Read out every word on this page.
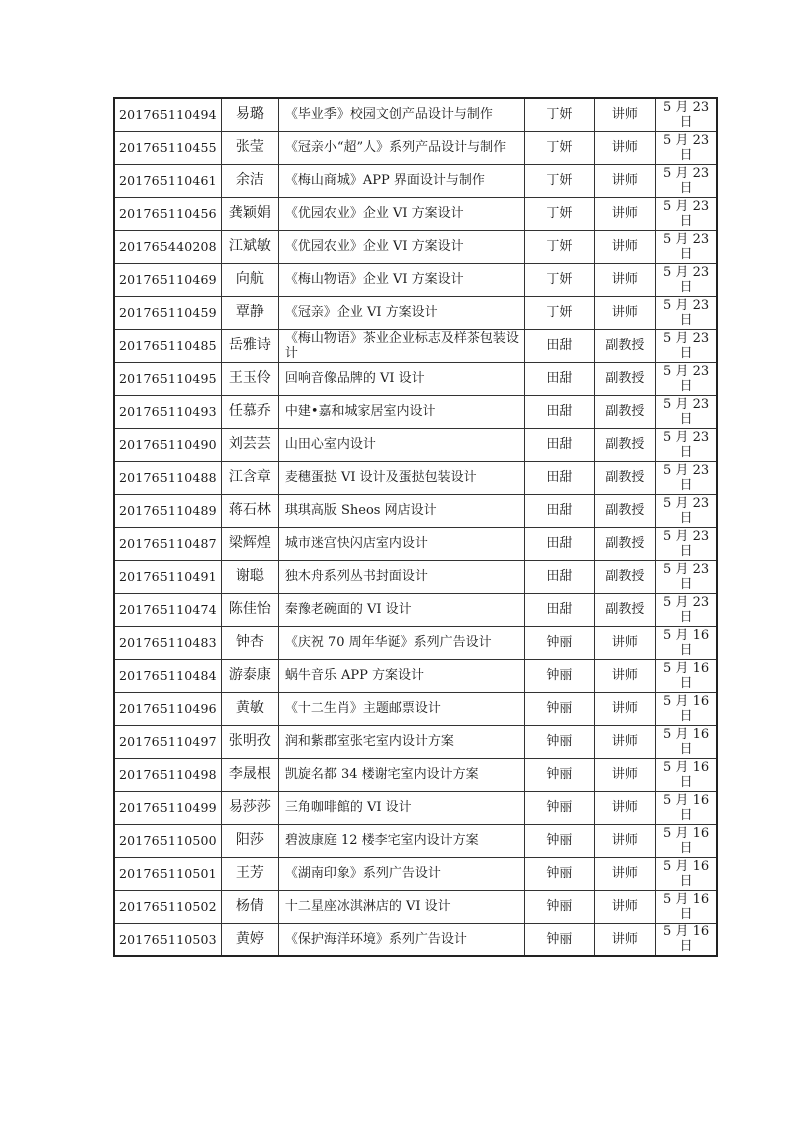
201765110494	易璐	《毕业季》校园文创产品设计与制作	丁妍	讲师	5 月 23 日
201765110455	张莹	《冠亲小“超”人》系列产品设计与制作	丁妍	讲师	5 月 23 日
201765110461	余洁	《梅山商城》APP 界面设计与制作	丁妍	讲师	5 月 23 日
201765110456	龚颖娟	《优园农业》企业 VI 方案设计	丁妍	讲师	5 月 23 日
201765440208	江斌敏	《优园农业》企业 VI 方案设计	丁妍	讲师	5 月 23 日
201765110469	向航	《梅山物语》企业 VI 方案设计	丁妍	讲师	5 月 23 日
201765110459	覃静	《冠亲》企业 VI 方案设计	丁妍	讲师	5 月 23 日
201765110485	岳雅诗	《梅山物语》茶业企业标志及样茶包装设计	田甜	副教授	5 月 23 日
201765110495	王玉伶	回响音像品牌的 VI 设计	田甜	副教授	5 月 23 日
201765110493	任慕乔	中建•嘉和城家居室内设计	田甜	副教授	5 月 23 日
201765110490	刘芸芸	山田心室内设计	田甜	副教授	5 月 23 日
201765110488	江含章	麦穗蛋挞 VI 设计及蛋挞包装设计	田甜	副教授	5 月 23 日
201765110489	蒋石林	琪琪高版 Sheos 网店设计	田甜	副教授	5 月 23 日
201765110487	梁辉煌	城市迷宫快闪店室内设计	田甜	副教授	5 月 23 日
201765110491	谢聪	独木舟系列丛书封面设计	田甜	副教授	5 月 23 日
201765110474	陈佳怡	秦豫老碗面的 VI 设计	田甜	副教授	5 月 23 日
201765110483	钟杏	《庆祝 70 周年华诞》系列广告设计	钟丽	讲师	5 月 16 日
201765110484	游泰康	蜗牛音乐 APP 方案设计	钟丽	讲师	5 月 16 日
201765110496	黄敏	《十二生肖》主题邮票设计	钟丽	讲师	5 月 16 日
201765110497	张明孜	润和紫郡室张宅室内设计方案	钟丽	讲师	5 月 16 日
201765110498	李晟根	凯旋名都 34 楼谢宅室内设计方案	钟丽	讲师	5 月 16 日
201765110499	易莎莎	三角咖啡館的 VI 设计	钟丽	讲师	5 月 16 日
201765110500	阳莎	碧波康庭 12 楼李宅室内设计方案	钟丽	讲师	5 月 16 日
201765110501	王芳	《湖南印象》系列广告设计	钟丽	讲师	5 月 16 日
201765110502	杨倩	十二星座冰淇淋店的 VI 设计	钟丽	讲师	5 月 16 日
201765110503	黄婷	《保护海洋环境》系列广告设计	钟丽	讲师	5 月 16 日
